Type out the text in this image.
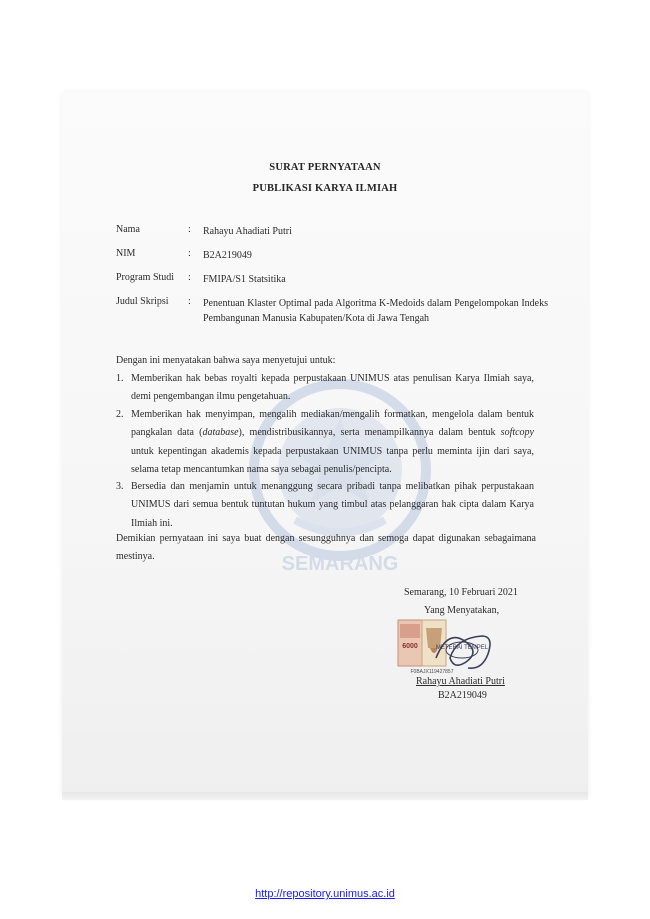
SEMARANG
SURAT PERNYATAAN
PUBLIKASI KARYA ILMIAH
Nama	: Rahayu Ahadiati Putri
NIM	: B2A219049
Program Studi : FMIPA/S1 Statsitika
Judul Skripsi : Penentuan Klaster Optimal pada Algoritma K-Medoids dalam Pengelompokan Indeks Pembangunan Manusia Kabupaten/Kota di Jawa Tengah
Dengan ini menyatakan bahwa saya menyetujui untuk:
1. Memberikan hak bebas royalti kepada perpustakaan UNIMUS atas penulisan Karya Ilmiah saya, demi pengembangan ilmu pengetahuan.
2. Memberikan hak menyimpan, mengalih mediakan/mengalih formatkan, mengelola dalam bentuk pangkalan data (database), mendistribusikannya, serta menampilkannya dalam bentuk softcopy untuk kepentingan akademis kepada perpustakaan UNIMUS tanpa perlu meminta ijin dari saya, selama tetap mencantumkan nama saya sebagai penulis/pencipta.
3. Bersedia dan menjamin untuk menanggung secara pribadi tanpa melibatkan pihak perpustakaan UNIMUS dari semua bentuk tuntutan hukum yang timbul atas pelanggaran hak cipta dalam Karya Ilmiah ini.
Demikian pernyataan ini saya buat dengan sesungguhnya dan semoga dapat digunakan sebagaimana mestinya.
Semarang, 10 Februari 2021
Yang Menyatakan,
6000	METERAI TEMPEL
F0BAJX119427857
Rahayu Ahadiati Putri
B2A219049
http://repository.unimus.ac.id
